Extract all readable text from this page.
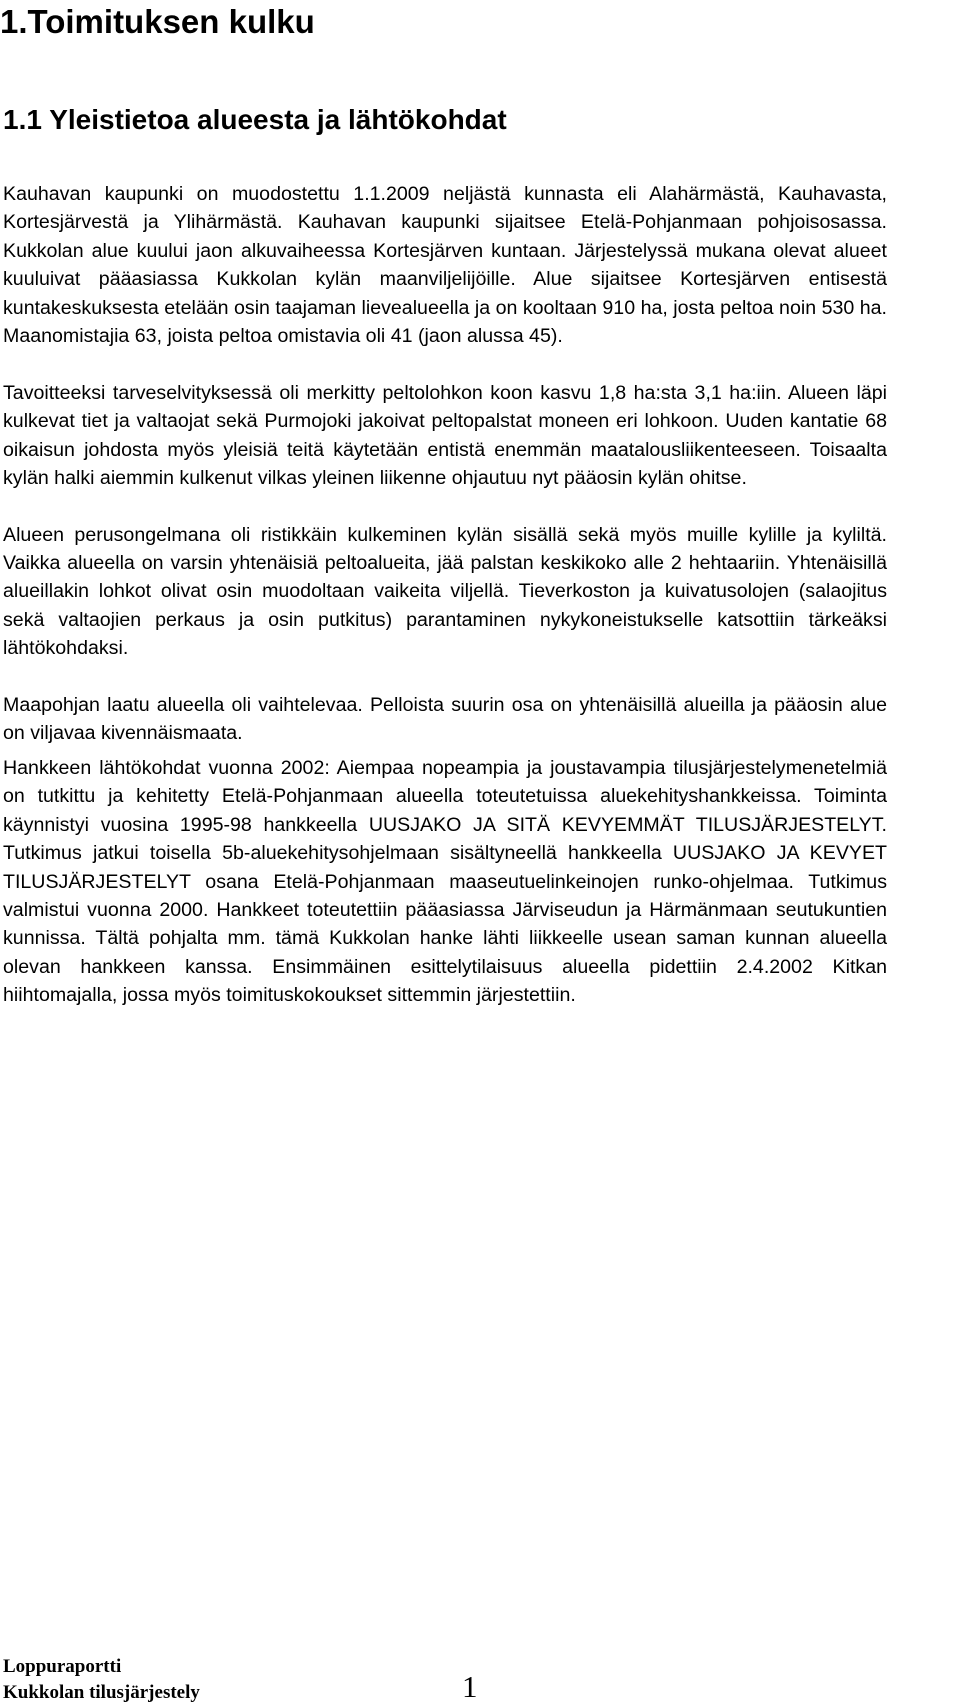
1.Toimituksen kulku
1.1 Yleistietoa alueesta ja lähtökohdat

Kauhavan kaupunki on muodostettu 1.1.2009 neljästä kunnasta eli Alahärmästä, Kauhavasta, Kortesjärvestä ja Ylihärmästä. Kauhavan kaupunki sijaitsee Etelä-Pohjanmaan pohjoisosassa. Kukkolan alue kuului jaon alkuvaiheessa Kortesjärven kuntaan. Järjestelyssä mukana olevat alueet kuuluivat pääasiassa Kukkolan kylän maanviljelijöille. Alue sijaitsee Kortesjärven entisestä kuntakeskuksesta etelään osin taajaman lievealueella ja on kooltaan 910 ha, josta peltoa noin 530 ha. Maanomistajia 63, joista peltoa omistavia oli 41 (jaon alussa 45).

Tavoitteeksi tarveselvityksessä oli merkitty peltolohkon koon kasvu 1,8 ha:sta 3,1 ha:iin. Alueen läpi kulkevat tiet ja valtaojat sekä Purmojoki jakoivat peltopalstat moneen eri lohkoon. Uuden kantatie 68 oikaisun johdosta myös yleisiä teitä käytetään entistä enemmän maatalousliikenteeseen. Toisaalta kylän halki aiemmin kulkenut vilkas yleinen liikenne ohjautuu nyt pääosin kylän ohitse.

Alueen perusongelmana oli ristikkäin kulkeminen kylän sisällä sekä myös muille kylille ja kyliltä. Vaikka alueella on varsin yhtenäisiä peltoalueita, jää palstan keskikoko alle 2 hehtaariin. Yhtenäisillä alueillakin lohkot olivat osin muodoltaan vaikeita viljellä. Tieverkoston ja kuivatusolojen (salaojitus sekä valtaojien perkaus ja osin putkitus) parantaminen nykykoneistukselle katsottiin tärkeäksi lähtökohdaksi.

Maapohjan laatu alueella oli vaihtelevaa. Pelloista suurin osa on yhtenäisillä alueilla ja pääosin alue on viljavaa kivennäismaata.

Hankkeen lähtökohdat vuonna 2002: Aiempaa nopeampia ja joustavampia tilusjärjestelymenetelmiä on tutkittu ja kehitetty Etelä-Pohjanmaan alueella toteutetuissa aluekehityshankkeissa. Toiminta käynnistyi vuosina 1995-98 hankkeella UUSJAKO JA SITÄ KEVYEMMÄT TILUSJÄRJESTELYT. Tutkimus jatkui toisella 5b-aluekehitysohjelmaan sisältyneellä hankkeella UUSJAKO JA KEVYET TILUSJÄRJESTELYT osana Etelä-Pohjanmaan maaseutuelinkeinojen runko-ohjelmaa. Tutkimus valmistui vuonna 2000. Hankkeet toteutettiin pääasiassa Järviseudun ja Härmänmaan seutukuntien kunnissa. Tältä pohjalta mm. tämä Kukkolan hanke lähti liikkeelle usean saman kunnan alueella olevan hankkeen kanssa. Ensimmäinen esittelytilaisuus alueella pidettiin 2.4.2002 Kitkan hiihtomajalla, jossa myös toimituskokoukset sittemmin järjestettiin.

Loppuraportti
Kukkolan tilusjärjestely	1
